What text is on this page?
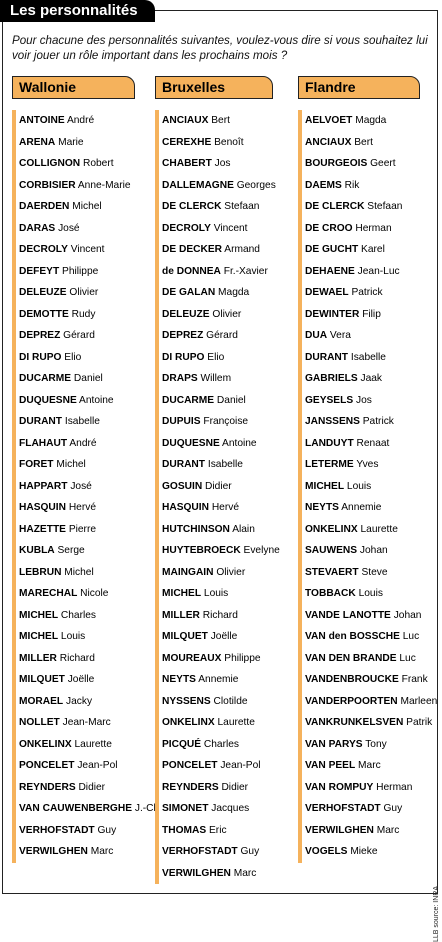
Les personnalités
Pour chacune des personnalités suivantes, voulez-vous dire si vous souhaitez lui voir jouer un rôle important dans les prochains mois ?
Wallonie	Bruxelles	Flandre
ANTOINE André
ARENA Marie
COLLIGNON Robert
CORBISIER Anne-Marie
DAERDEN Michel
DARAS José
DECROLY Vincent
DEFEYT Philippe
DELEUZE Olivier
DEMOTTE Rudy
DEPREZ Gérard
DI RUPO Elio
DUCARME Daniel
DUQUESNE Antoine
DURANT Isabelle
FLAHAUT André
FORET Michel
HAPPART José
HASQUIN Hervé
HAZETTE Pierre
KUBLA Serge
LEBRUN Michel
MARECHAL Nicole
MICHEL Charles
MICHEL Louis
MILLER Richard
MILQUET Joëlle
MORAEL Jacky
NOLLET Jean-Marc
ONKELINX Laurette
PONCELET Jean-Pol
REYNDERS Didier
VAN CAUWENBERGHE J.-Cl.
VERHOFSTADT Guy
VERWILGHEN Marc
ANCIAUX Bert
CEREXHE Benoît
CHABERT Jos
DALLEMAGNE Georges
DE CLERCK Stefaan
DECROLY Vincent
DE DECKER Armand
de DONNEA Fr.-Xavier
DE GALAN Magda
DELEUZE Olivier
DEPREZ Gérard
DI RUPO Elio
DRAPS Willem
DUCARME Daniel
DUPUIS Françoise
DUQUESNE Antoine
DURANT Isabelle
GOSUIN Didier
HASQUIN Hervé
HUTCHINSON Alain
HUYTEBROECK Evelyne
MAINGAIN Olivier
MICHEL Louis
MILLER Richard
MILQUET Joëlle
MOUREAUX Philippe
NEYTS Annemie
NYSSENS Clotilde
ONKELINX Laurette
PICQUÉ Charles
PONCELET Jean-Pol
REYNDERS Didier
SIMONET Jacques
THOMAS Eric
VERHOFSTADT Guy
VERWILGHEN Marc
AELVOET Magda
ANCIAUX Bert
BOURGEOIS Geert
DAEMS Rik
DE CLERCK Stefaan
DE CROO Herman
DE GUCHT Karel
DEHAENE Jean-Luc
DEWAEL Patrick
DEWINTER Filip
DUA Vera
DURANT Isabelle
GABRIELS Jaak
GEYSELS Jos
JANSSENS Patrick
LANDUYT Renaat
LETERME Yves
MICHEL Louis
NEYTS Annemie
ONKELINX Laurette
SAUWENS Johan
STEVAERT Steve
TOBBACK Louis
VANDE LANOTTE Johan
VAN den BOSSCHE Luc
VAN DEN BRANDE Luc
VANDENBROUCKE Frank
VANDERPOORTEN Marleen
VANKRUNKELSVEN Patrik
VAN PARYS Tony
VAN PEEL Marc
VAN ROMPUY Herman
VERHOFSTADT Guy
VERWILGHEN Marc
VOGELS Mieke
LLB source: INRA
